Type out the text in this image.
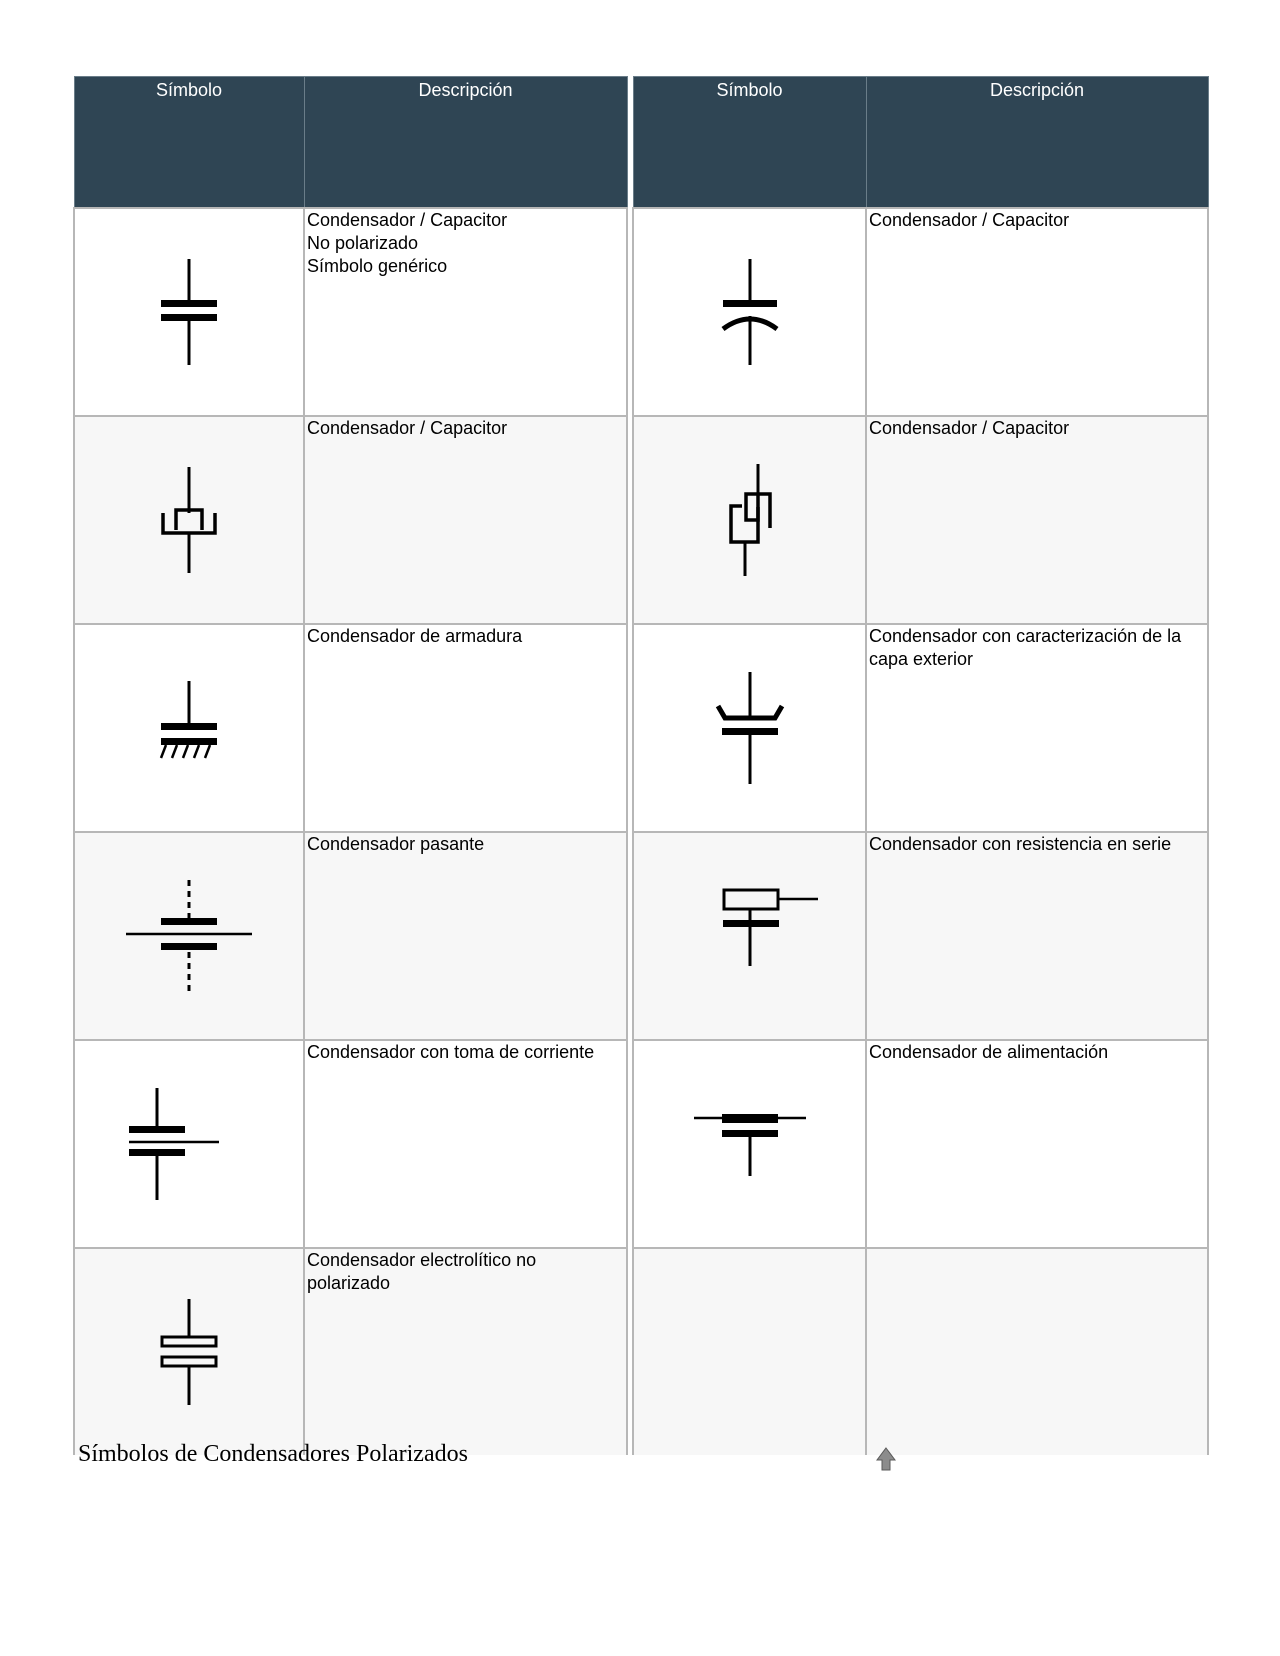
Símbolo	Descripción

Condensador / Capacitor
No polarizado
Símbolo genérico

Condensador / Capacitor

Condensador de armadura

Condensador pasante

Condensador con toma de corriente

Condensador electrolítico no polarizado
Símbolo	Descripción

Condensador / Capacitor

Condensador / Capacitor

Condensador con caracterización de la capa exterior

Condensador con resistencia en serie

Condensador de alimentación

Símbolos de Condensadores Polarizados
